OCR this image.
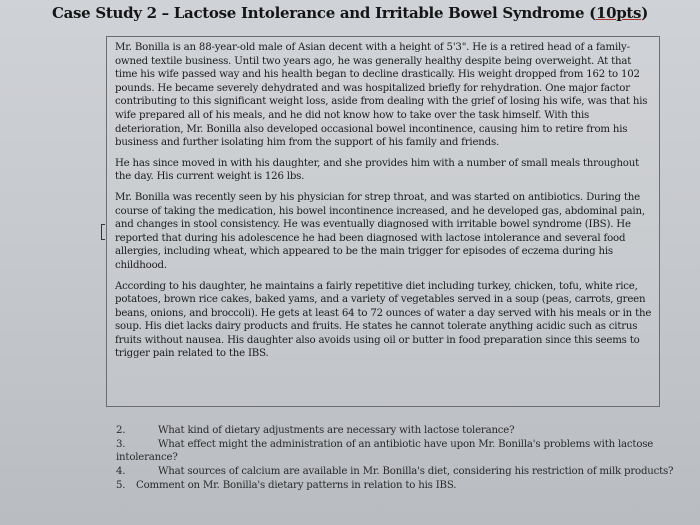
Case Study 2 – Lactose Intolerance and Irritable Bowel Syndrome (10pts)

Mr. Bonilla is an 88-year-old male of Asian decent with a height of 5'3". He is a retired head of a family-owned textile business. Until two years ago, he was generally healthy despite being overweight. At that time his wife passed way and his health began to decline drastically. His weight dropped from 162 to 102 pounds. He became severely dehydrated and was hospitalized briefly for rehydration. One major factor contributing to this significant weight loss, aside from dealing with the grief of losing his wife, was that his wife prepared all of his meals, and he did not know how to take over the task himself. With this deterioration, Mr. Bonilla also developed occasional bowel incontinence, causing him to retire from his business and further isolating him from the support of his family and friends.

He has since moved in with his daughter, and she provides him with a number of small meals throughout the day. His current weight is 126 lbs.

Mr. Bonilla was recently seen by his physician for strep throat, and was started on antibiotics. During the course of taking the medication, his bowel incontinence increased, and he developed gas, abdominal pain, and changes in stool consistency. He was eventually diagnosed with irritable bowel syndrome (IBS). He reported that during his adolescence he had been diagnosed with lactose intolerance and several food allergies, including wheat, which appeared to be the main trigger for episodes of eczema during his childhood.

According to his daughter, he maintains a fairly repetitive diet including turkey, chicken, tofu, white rice, potatoes, brown rice cakes, baked yams, and a variety of vegetables served in a soup (peas, carrots, green beans, onions, and broccoli). He gets at least 64 to 72 ounces of water a day served with his meals or in the soup. His diet lacks dairy products and fruits. He states he cannot tolerate anything acidic such as citrus fruits without nausea. His daughter also avoids using oil or butter in food preparation since this seems to trigger pain related to the IBS.

2.	What kind of dietary adjustments are necessary with lactose tolerance?
3.	What effect might the administration of an antibiotic have upon Mr. Bonilla's problems with lactose intolerance?
4.	What sources of calcium are available in Mr. Bonilla's diet, considering his restriction of milk products?
5.	Comment on Mr. Bonilla's dietary patterns in relation to his IBS.
